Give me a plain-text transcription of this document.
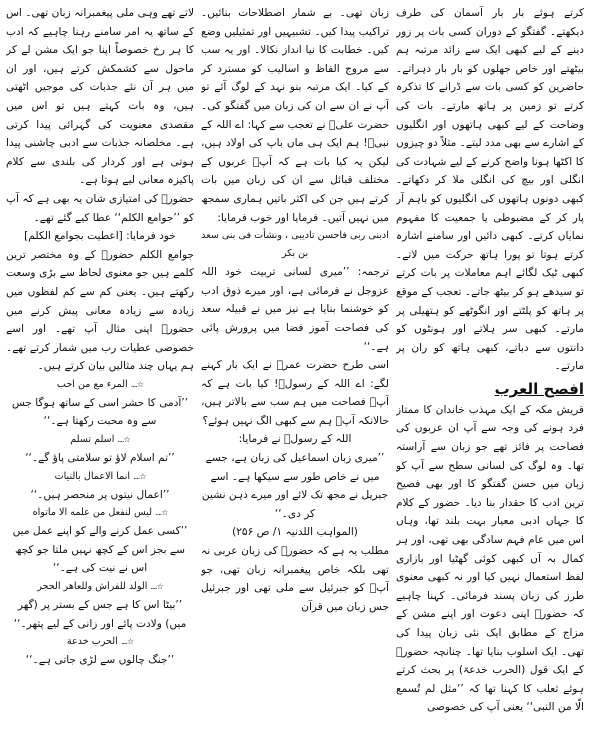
کرتے ہوئے بار بار آسمان کی طرف دیکھتے۔ گفتگو کے دوران کسی بات پر زور دینے کے لیے کبھی ایک سے زائد مرتبہ ہم بیٹھتے اور خاص جھلوں کو بار بار دہراتے۔ حاضرین کو کسی بات سے ڈرانے کا تذکرہ کرتے تو زمین پر ہاتھ مارتے۔ بات کی وضاحت کے لیے کبھی ہاتھوں اور انگلیوں کے اشارے سے بھی مدد لیتے۔ مثلاً دو چیزوں کا اکٹھا ہونا واضح کرنے کے لیے شہادت کی انگلی اور بیچ کی انگلی ملا کر دکھاتے۔ کبھی دونوں ہاتھوں کی انگلیوں کو باہم آر پار کر کے مضبوطی یا جمعیت کا مفہوم نمایاں کرتے۔ کبھی دائیں اور سامنے اشارہ کرتے ہوتا تو پورا ہاتھ حرکت میں لاتے۔ کبھی ٹیک لگائے اہم معاملات پر بات کرتے تو سیدھے ہو کر بیٹھ جاتے۔ تعجب کے موقع پر ہاتھ کو پلٹتے اور انگوٹھے کو ہتھیلی پر مارتے۔ کبھی سر ہلاتے اور ہونٹوں کو دانتوں سے دباتے، کبھی ہاتھ کو ران پر مارتے۔

افصح العرب

قریش مکہ کے ایک مہذب خاندان کا ممتاز فرد ہونے کی وجہ سے آپ ان عربوں کی فصاحت پر فائز تھے جو زبان سے آراستہ تھا۔ وہ لوگ کی لسانی سطح سے آپ کو زبان میں حسن گفتگو کا اور بھی فصیح ترین ادب کا حقدار بنا دیا۔ حضور کے کلام کا جہاں ادبی معیار بہت بلند تھا، وہاں اس میں عام فہم سادگی بھی تھی، اور ہر کمال بہ آں کبھی کوئی گھٹیا اور بازاری لفظ استعمال نہیں کیا اور نہ کبھی معنوی طرز کی زبان پسند فرمائی۔ کہنا چاہیے کہ حضورؐ اپنی دعوت اور اپنے مشن کے مزاج کے مطابق ایک نئی زبان پیدا کی تھی۔ ایک اسلوب بنایا تھا۔ چنانچہ حضورؐ کے ایک قول (الحرب خدعۃ) پر بحث کرتے ہوئے ثعلب کا کہنا تھا کہ ’’مثل لم تُسمع الّا من النبی‘‘ یعنی آپ کی خصوصی

زبان تھی۔ بے شمار اصطلاحات بنائیں۔ تراکیب پیدا کیں۔ تشبیہیں اور تمثیلیں وضع کیں۔ خطابت کا نیا انداز نکالا۔ اور یہ سب سے مروج الفاظ و اسالیب کو مسترد کر کے کیا۔ ایک مرتبہ بنو نہد کے لوگ آئے تو آپ نے ان سے ان کی زبان میں گفتگو کی۔ حضرت علیؓ نے تعجب سے کہا: اے اللہ کے نبیؐ! ہم ایک ہی ماں باپ کی اولاد ہیں، لیکن یہ کیا بات ہے کہ آپؐ عربوں کے مختلف قبائل سے ان کی زبان میں بات کرتے ہیں جن کی اکثر باتیں ہماری سمجھ میں نہیں آتیں۔ فرمایا اور خوب فرمایا:

ادبنی ربی فاحسن تادیبی ، ونشأت فی بنی سعد بن بکر

ترجمہ: ’’میری لسانی تربیت خود اللہ عزوجل نے فرمائی ہے، اور میرے ذوق ادب کو خوشنما بنایا ہے نیز میں نے قبیلہ سعد کی فصاحت آموز فضا میں پرورش پائی ہے۔‘‘

اسی طرح حضرت عمرؓ نے ایک بار کہنے لگے: اے اللہ کے رسولؐ! کیا بات ہے کہ آپؐ فصاحت میں ہم سب سے بالاتر ہیں، حالانکہ آپؐ ہم سے کبھی الگ نہیں ہوئے؟

اللہ کے رسولؐ نے فرمایا:

’’میری زبان اسماعیل کی زبان ہے، جسے میں نے خاص طور سے سیکھا ہے۔ اسے جبریل نے مجھ تک لائے اور میرے ذہن نشین کر دی۔‘‘

(المواہب اللدنیہ ۱/ ص ۲۵۶)

مطلب یہ ہے کہ حضورؐ کی زبان عربی نہ تھی بلکہ خاص پیغمبرانہ زبان تھی، جو آپؐ کو جبرئیل سے ملی تھی اور جبرئیل جس زبان میں قرآن

لاتے تھے وہی ملی پیغمبرانہ زبان تھی۔ اس کے ساتھ یہ امر سامنے رہنا چاہیے کہ ادب کا ہر رخ خصوصاً اپنا جو ایک مشن لے کر ماحول سے کشمکش کرتے ہیں، اور ان میں ہر آن نئے جذبات کی موجیں اٹھتی ہیں، وہ بات کہتے ہیں تو اس میں مقصدی معنویت کی گہرائی پیدا کرتی ہے۔ مخلصانہ جذبات سے ادبی چاشنی پیدا ہوتی ہے اور کردار کی بلندی سے کلام پاکیزہ معانی لیے ہوتا ہے۔

حضورؐ کی امتیازی شان یہ بھی ہے کہ آپ کو ’’جوامع الکلم‘‘ عطا کیے گئے تھے۔

خود فرمایا: [اعطیت بجوامع الکلم]

جوامع الکلم حضورؐ کے وہ مختصر ترین کلمے ہیں جو معنوی لحاظ سے بڑی وسعت رکھتے ہیں۔ یعنی کم سے کم لفظوں میں زیادہ سے زیادہ معانی پیش کرنے میں حضورؐ اپنی مثال آپ تھے۔ اور اسے خصوصی عطیات رب میں شمار کرتے تھے۔ ہم یہاں چند مثالیں بیان کرتے ہیں۔

☆....المرء مع من احب

’’آدمی کا حشر اسی کے ساتھ ہوگا جس سے وہ محبت رکھتا ہے۔‘‘

☆....اسلم تسلم

’’تم اسلام لاؤ تو سلامتی پاؤ گے۔‘‘

☆....انما الاعمال بالنیات

’’اعمال نیتوں پر منحصر ہیں۔‘‘

☆....لیس لنفعل من علمه الا ماتواه

’’کسی عمل کرنے والے کو اپنے عمل میں سے بجز اس کے کچھ نہیں ملتا جو کچھ اس نے نیت کی ہے۔‘‘

☆....الولد للفراش وللعاهر الحجر

’’بیٹا اس کا ہے جس کے بستر پر (گھر میں) ولادت پائے اور زانی کے لیے پتھر۔‘‘

☆....الحرب خدعة

’’جنگ چالوں سے لڑی جاتی ہے۔‘‘
